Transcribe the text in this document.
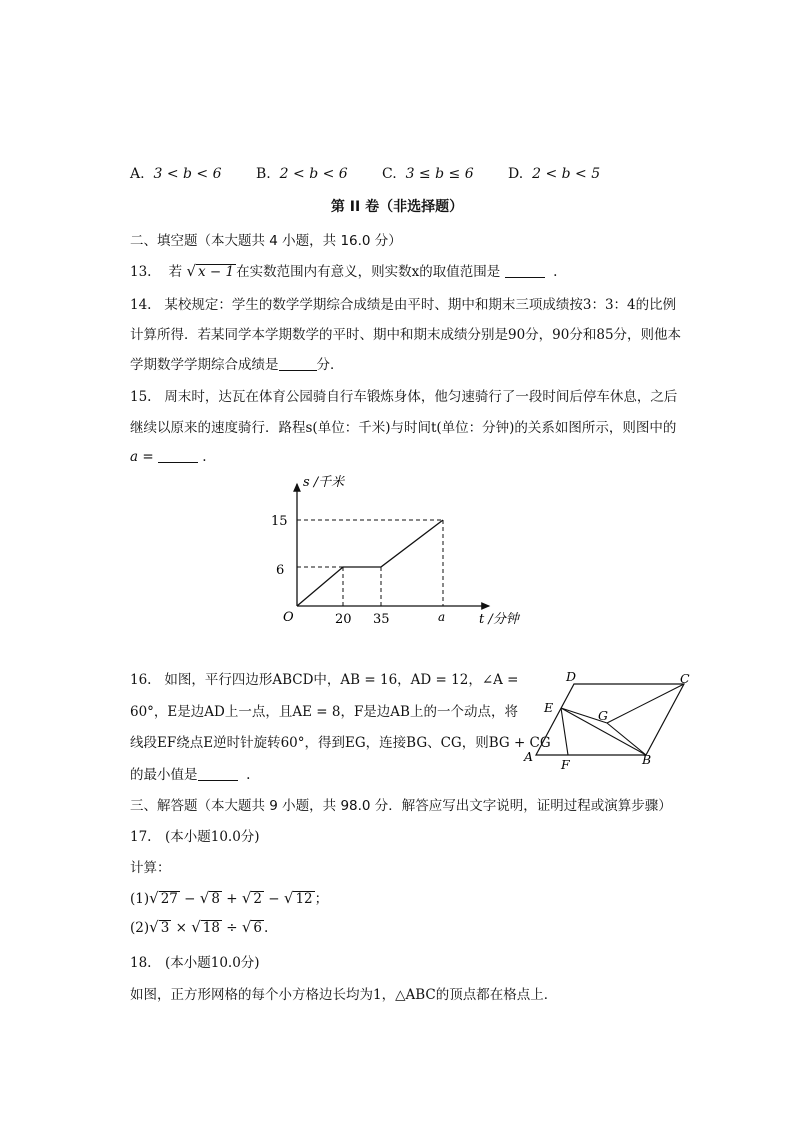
A. 3 < b < 6 B. 2 < b < 6 C. 3 ≤ b ≤ 6 D. 2 < b < 5
第 II 卷（非选择题）
二、填空题（本大题共 4 小题，共 16.0 分）
13. 若 √ x − 1 在实数范围内有意义，则实数x的取值范围是	.
14. 某校规定：学生的数学学期综合成绩是由平时、期中和期末三项成绩按3：3：4的比例
计算所得．若某同学本学期数学的平时、期中和期末成绩分别是90分，90分和85分，则他本
学期数学学期综合成绩是	分．
15. 周末时，达瓦在体育公园骑自行车锻炼身体，他匀速骑行了一段时间后停车休息，之后
继续以原来的速度骑行．路程s(单位：千米)与时间t(单位：分钟)的关系如图所示，则图中的
a =	.
s /千米
t /分钟
O
15
6
20 35	a
16. 如图，平行四边形ABCD中，AB = 16，AD = 12，∠A =
60°，E是边AD上一点，且AE = 8，F是边AB上的一个动点，将
线段EF绕点E逆时针旋转60°，得到EG，连接BG、CG，则BG + CG
的最小值是	.
D	C
E
G
A
F	B
三、解答题（本大题共 9 小题，共 98.0 分．解答应写出文字说明，证明过程或演算步骤）
17.　(本小题10.0分)
计算：
(1)√ 27 − √ 8 + √ 2 − √ 12 ；
(2)√ 3 × √ 18 ÷ √ 6 .
18.　(本小题10.0分)
如图，正方形网格的每个小方格边长均为1，△ABC的顶点都在格点上．
